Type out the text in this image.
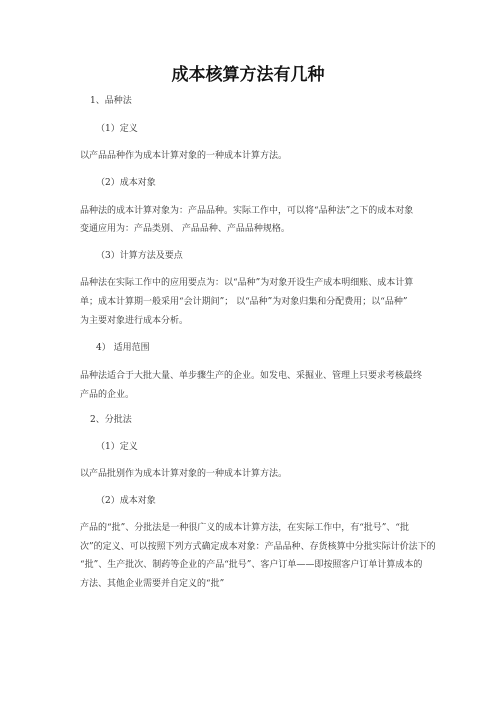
成本核算方法有几种

1、品种法

（1）定义

以产品品种作为成本计算对象的一种成本计算方法。

（2）成本对象

品种法的成本计算对象为：产品品种。实际工作中，可以将“品种法”之下的成本对象

变通应用为：产品类别、 产品品种、产品品种规格。

（3）计算方法及要点

品种法在实际工作中的应用要点为：以“品种”为对象开设生产成本明细账、成本计算

单；成本计算期一般采用“会计期间”； 以“品种”为对象归集和分配费用；以“品种”

为主要对象进行成本分析。

4） 适用范围

品种法适合于大批大量、单步骤生产的企业。如发电、采掘业、管理上只要求考核最终

产品的企业。

2、分批法

（1）定义

以产品批别作为成本计算对象的一种成本计算方法。

（2）成本对象

产品的“批”、分批法是一种很广义的成本计算方法，在实际工作中，有“批号”、“批

次”的定义、可以按照下列方式确定成本对象：产品品种、存货核算中分批实际计价法下的

“批”、生产批次、制药等企业的产品“批号”、客户订单——即按照客户订单计算成本的

方法、其他企业需要并自定义的“批”
